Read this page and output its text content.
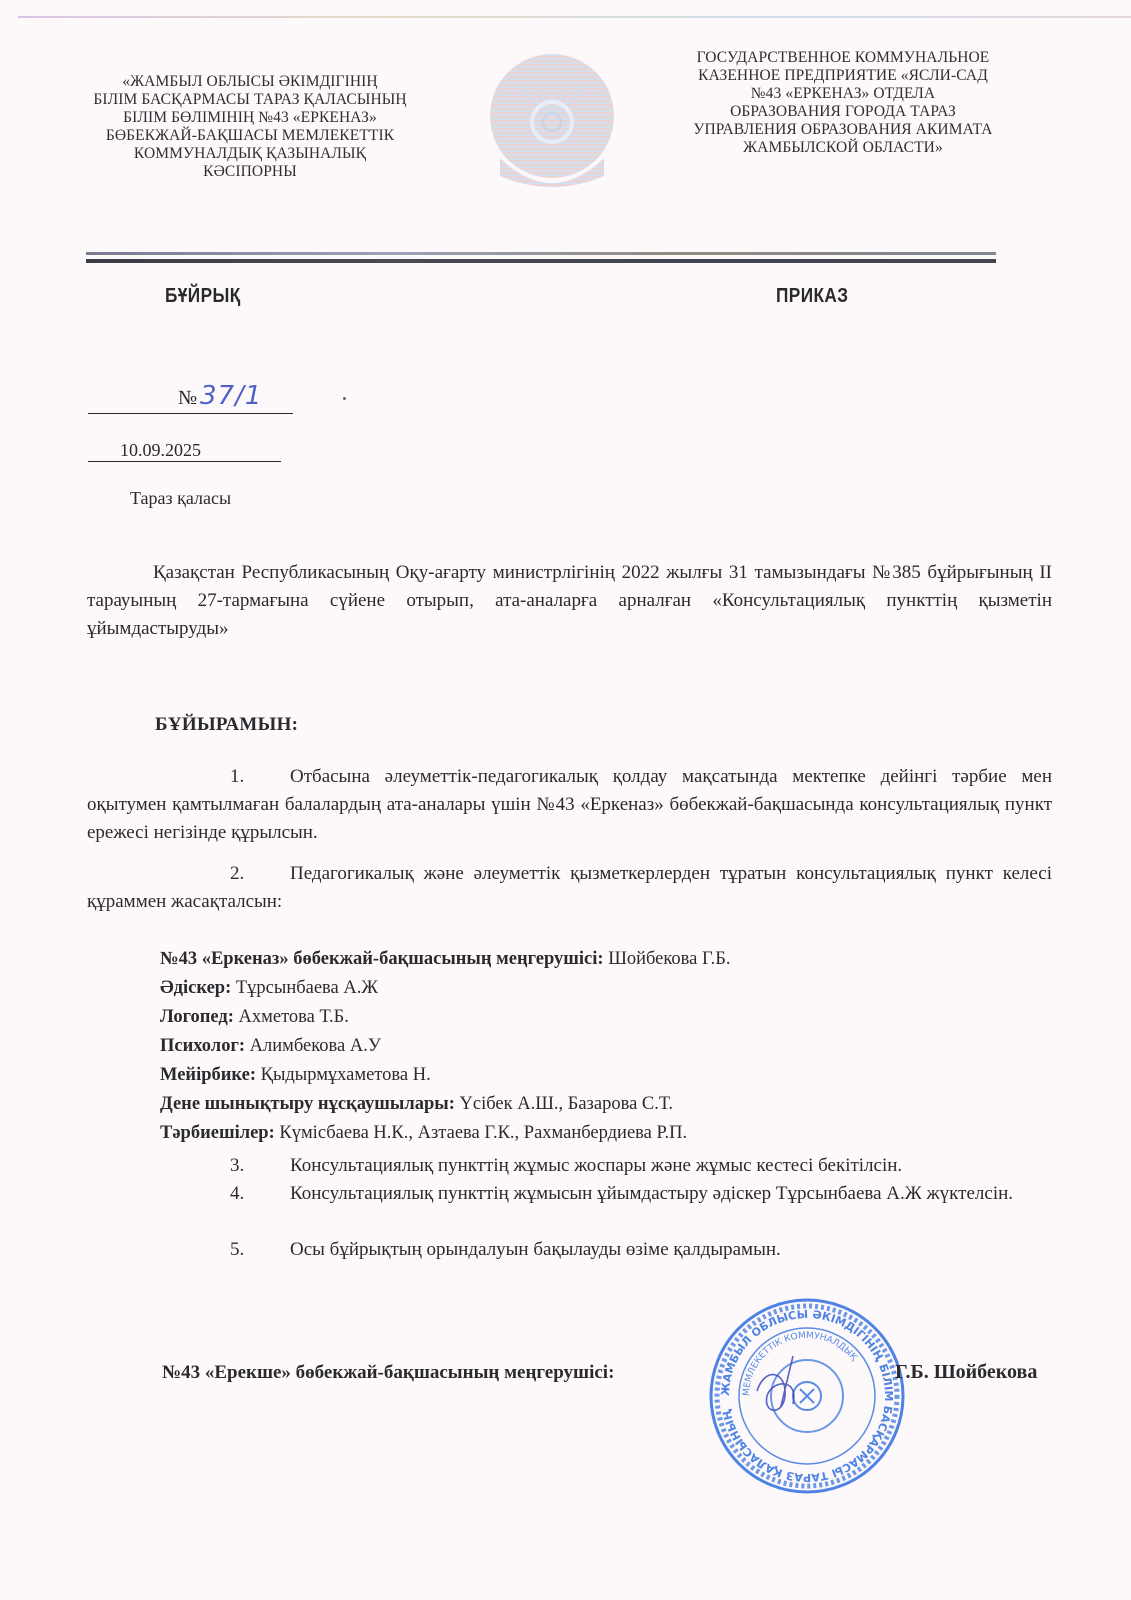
«ЖАМБЫЛ ОБЛЫСЫ ӘКІМДІГІНІҢ
БІЛІМ БАСҚАРМАСЫ ТАРАЗ ҚАЛАСЫНЫҢ
БІЛІМ БӨЛІМІНІҢ №43 «ЕРКЕНАЗ»
БӨБЕКЖАЙ-БАҚШАСЫ МЕМЛЕКЕТТІК
КОММУНАЛДЫҚ ҚАЗЫНАЛЫҚ
КӘСІПОРНЫ
ГОСУДАРСТВЕННОЕ КОММУНАЛЬНОЕ
КАЗЕННОЕ ПРЕДПРИЯТИЕ «ЯСЛИ-САД
№43 «ЕРКЕНАЗ» ОТДЕЛА
ОБРАЗОВАНИЯ ГОРОДА ТАРАЗ
УПРАВЛЕНИЯ ОБРАЗОВАНИЯ АКИМАТА
ЖАМБЫЛСКОЙ ОБЛАСТИ»
БҰЙРЫҚ	ПРИКАЗ
№ 37/1
10.09.2025
Тараз қаласы
Қазақстан Республикасының Оқу-ағарту министрлігінің 2022 жылғы 31 тамызындағы №385 бұйрығының ІІ тарауының 27-тармағына сүйене отырып, ата-аналарға арналған «Консультациялық пункттің қызметін ұйымдастыруды»
БҰЙЫРАМЫН:
1. Отбасына әлеуметтік-педагогикалық қолдау мақсатында мектепке дейінгі тәрбие мен оқытумен қамтылмаған балалардың ата-аналары үшін №43 «Еркеназ» бөбекжай-бақшасында консультациялық пункт ережесі негізінде құрылсын.
2. Педагогикалық және әлеуметтік қызметкерлерден тұратын консультациялық пункт келесі құраммен жасақталсын:
№43 «Еркеназ» бөбекжай-бақшасының меңгерушісі: Шойбекова Г.Б.
Әдіскер: Тұрсынбаева А.Ж
Логопед: Ахметова Т.Б.
Психолог: Алимбекова А.У
Мейірбике: Қыдырмұхаметова Н.
Дене шынықтыру нұсқаушылары: Үсібек А.Ш., Базарова С.Т.
Тәрбиешілер: Күмісбаева Н.К., Азтаева Г.К., Рахманбердиева Р.П.
3. Консультациялық пункттің жұмыс жоспары және жұмыс кестесі бекітілсін.
4. Консультациялық пункттің жұмысын ұйымдастыру әдіскер Тұрсынбаева А.Ж жүктелсін.
5. Осы бұйрықтың орындалуын бақылауды өзіме қалдырамын.
№43 «Ерекше» бөбекжай-бақшасының меңгерушісі:
ЖАМБЫЛ ОБЛЫСЫ ӘКІМДІГІНІҢ БІЛІМ БАСҚАРМАСЫ ТАРАЗ ҚАЛАСЫНЫҢ
МЕМЛЕКЕТТІК КОММУНАЛДЫҚ
Г.Б. Шойбекова
